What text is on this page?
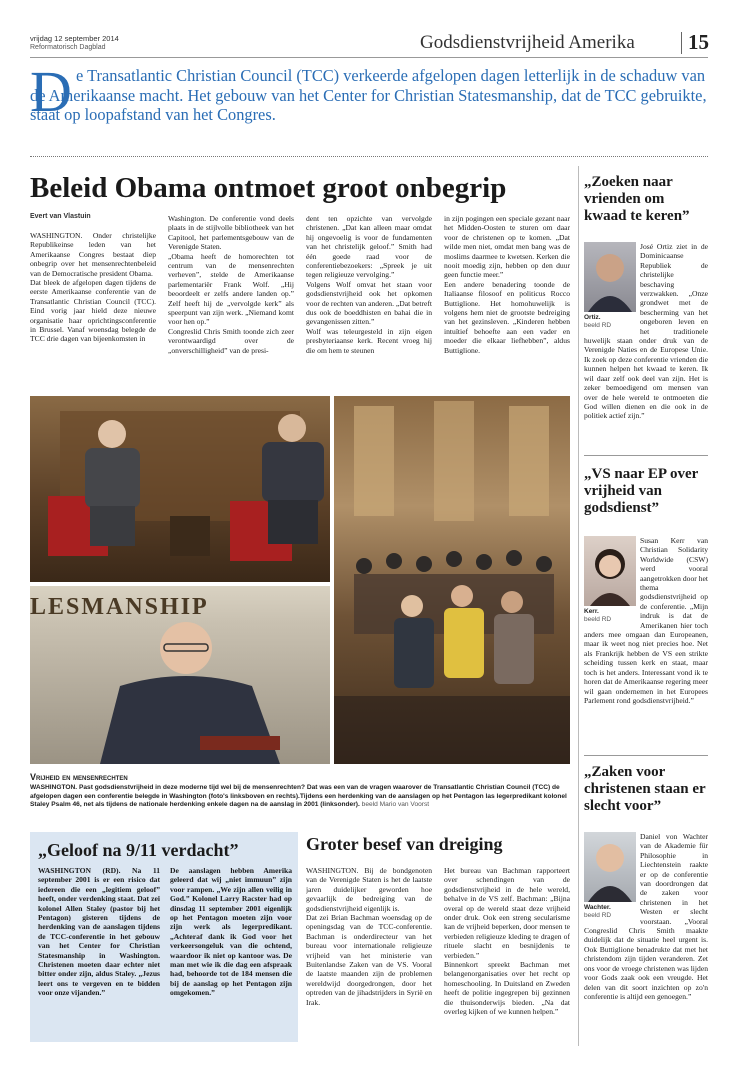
vrijdag 12 september 2014
Reformatorisch Dagblad	Godsdienstvrijheid Amerika	15
D e Transatlantic Christian Council (TCC) verkeerde afgelopen dagen letterlijk in de schaduw van de Amerikaanse macht. Het gebouw van het Center for Christian Statesmanship, dat de TCC gebruikte, staat op loopafstand van het Congres.
Beleid Obama ontmoet groot onbegrip
Evert van Vlastuin
WASHINGTON. Onder christelijke Republikeinse leden van het Amerikaanse Congres bestaat diep onbegrip over het mensenrechtenbeleid van de Democratische president Obama.
Dat bleek de afgelopen dagen tijdens de eerste Amerikaanse conferentie van de Transatlantic Christian Council (TCC). Eind vorig jaar hield deze nieuwe organisatie haar oprichtingsconferentie in Brussel. Vanaf woensdag belegde de TCC drie dagen van bijeenkomsten in
Washington. De conferentie vond deels plaats in de stijlvolle bibliotheek van het Capitool, het parlementsgebouw van de Verenigde Staten.
„Obama heeft de homorechten tot centrum van de mensenrechten verheven”, stelde de Amerikaanse parlementariër Frank Wolf. „Hij beoordeelt er zelfs andere landen op.” Zelf heeft hij de „vervolgde kerk” als speerpunt van zijn werk. „Niemand komt voor hen op.”
Congreslid Chris Smith toonde zich zeer verontwaardigd over de „onverschilligheid” van de presi-
dent ten opzichte van vervolgde christenen. „Dat kan alleen maar omdat hij ongevoelig is voor de fundamenten van het christelijk geloof.” Smith had één goede raad voor de conferentiebezoekers: „Spreek je uit tegen religieuze vervolging.”
Volgens Wolf omvat het staan voor godsdienstvrijheid ook het opkomen voor de rechten van anderen. „Dat betreft dus ook de boeddhisten en bahai die in gevangenissen zitten.”
Wolf was teleurgesteld in zijn eigen presbyteriaanse kerk. Recent vroeg hij die om hem te steunen
in zijn pogingen een speciale gezant naar het Midden-Oosten te sturen om daar voor de christenen op te komen. „Dat wilde men niet, omdat men bang was de moslims daarmee te kwetsen. Kerken die nooit moedig zijn, hebben op den duur geen functie meer.”
Een andere benadering toonde de Italiaanse filosoof en politicus Rocco Buttiglione. Het homohuwelijk is volgens hem niet de grootste bedreiging van het gezinsleven. „Kinderen hebben intuïtief behoefte aan een vader en moeder die elkaar liefhebben”, aldus Buttiglione.
LESMANSHIP
Vrijheid en mensenrechten
WASHINGTON. Past godsdienstvrijheid in deze moderne tijd wel bij de mensenrechten? Dat was een van de vragen waarover de Transatlantic Christian Council (TCC) de afgelopen dagen een conferentie belegde in Washington (foto's linksboven en rechts).Tijdens een herdenking van de aanslagen op het Pentagon las legerpredikant kolonel Staley Psalm 46, net als tijdens de nationale herdenking enkele dagen na de aanslag in 2001 (linksonder). beeld Mario van Voorst
„Geloof na 9/11 verdacht”
WASHINGTON (RD). Na 11 september 2001 is er een risico dat iedereen die een „legitiem geloof” heeft, onder verdenking staat. Dat zei kolonel Allen Staley (pastor bij het Pentagon) gisteren tijdens de herdenking van de aanslagen tijdens de TCC-conferentie in het gebouw van het Center for Christian Statesmanship in Washington. Christenen moeten daar echter niet bitter onder zijn, aldus Staley. „Jezus leert ons te vergeven en te bidden voor onze vijanden.”
De aanslagen hebben Amerika geleerd dat wij „niet immuun” zijn voor rampen. „We zijn allen veilig in God.” Kolonel Larry Racster had op dinsdag 11 september 2001 eigenlijk op het Pentagon moeten zijn voor zijn werk als legerpredikant. „Achteraf dank ik God voor het verkeersongeluk van die ochtend, waardoor ik niet op kantoor was. De man met wie ik die dag een afspraak had, behoorde tot de 184 mensen die bij de aanslag op het Pentagon zijn omgekomen.”
Groter besef van dreiging
WASHINGTON. Bij de bondgenoten van de Verenigde Staten is het de laatste jaren duidelijker geworden hoe gevaarlijk de bedreiging van de godsdienstvrijheid eigenlijk is.
Dat zei Brian Bachman woensdag op de openingsdag van de TCC-conferentie. Bachman is onderdirecteur van het bureau voor internationale religieuze vrijheid van het ministerie van Buitenlandse Zaken van de VS. Vooral de laatste maanden zijn de problemen wereldwijd doorgedrongen, door het optreden van de jihadstrijders in Syrië en Irak.
Het bureau van Bachman rapporteert over schendingen van de godsdienstvrijheid in de hele wereld, behalve in de VS zelf. Bachman: „Bijna overal op de wereld staat deze vrijheid onder druk. Ook een streng secularisme kan de vrijheid beperken, door mensen te verbieden religieuze kleding te dragen of rituele slacht en besnijdenis te verbieden.”
Binnenkort spreekt Bachman met belangenorganisaties over het recht op homeschooling. In Duitsland en Zweden heeft de politie ingegrepen bij gezinnen die thuisonderwijs bieden. „Na dat overleg kijken of we kunnen helpen.”
„Zoeken naar vrienden om kwaad te keren”
Ortiz.
beeld RD
José Ortiz ziet in de Dominicaanse Republiek de christelijke beschaving verzwakken. „Onze grondwet met de bescherming van het ongeboren leven en het traditionele huwelijk staan onder druk van de Verenigde Naties en de Europese Unie. Ik zoek op deze conferentie vrienden die kunnen helpen het kwaad te keren. Ik wil daar zelf ook deel van zijn. Het is zeker bemoedigend om mensen van over de hele wereld te ontmoeten die God willen dienen en die ook in de politiek actief zijn.”
„VS naar EP over vrijheid van godsdienst”
Kerr.
beeld RD
Susan Kerr van Christian Solidarity Worldwide (CSW) werd vooral aangetrokken door het thema godsdienstvrijheid op de conferentie. „Mijn indruk is dat de Amerikanen hier toch anders mee omgaan dan Europeanen, maar ik weet nog niet precies hoe. Net als Frankrijk hebben de VS een strikte scheiding tussen kerk en staat, maar toch is het anders. Interessant vond ik te horen dat de Amerikaanse regering meer wil gaan ondernemen in het Europees Parlement rond godsdienstvrijheid.”
„Zaken voor christenen staan er slecht voor”
Wachter.
beeld RD
Daniel von Wachter van de Akademie für Philosophie in Liechtenstein raakte er op de conferentie van doordrongen dat de zaken voor christenen in het Westen er slecht voorstaan. „Vooral Congreslid Chris Smith maakte duidelijk dat de situatie heel urgent is. Ook Buttiglione benadrukte dat met het christendom zijn tijden veranderen. Zet ons voor de vroege christenen was lijden voor Gods zaak ook een vreugde. Het delen van dit soort inzichten op zo'n conferentie is altijd een genoegen.”
